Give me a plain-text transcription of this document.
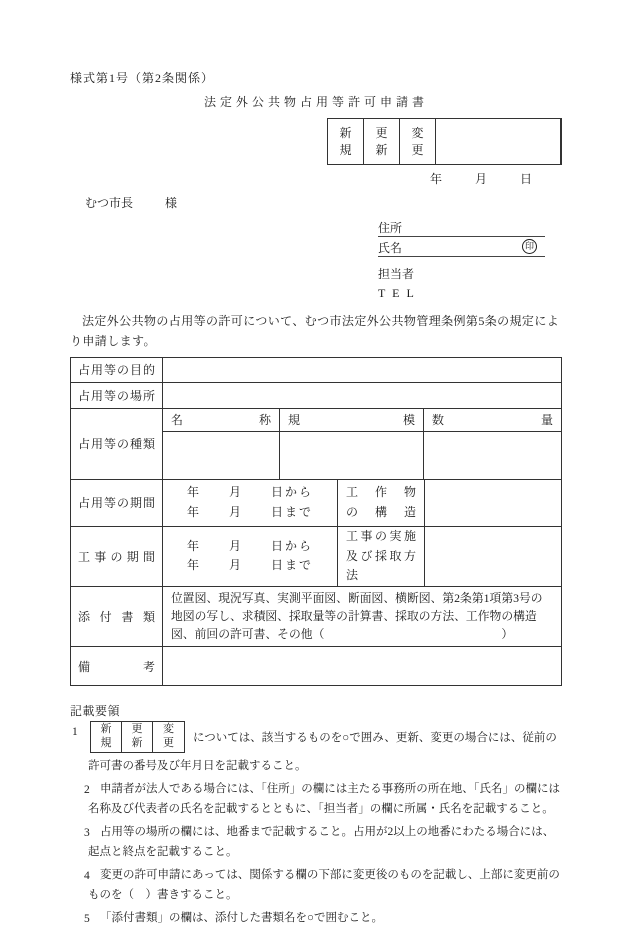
様式第1号（第2条関係）
法定外公共物占用等許可申請書
新規
更新
変更
年　　月　　日
むつ市長	様
住所
氏名	印
担当者
T E L

法定外公共物の占用等の許可について、むつ市法定外公共物管理条例第5条の規定により申請します。

占用等の目的
占用等の場所
占用等の種類
名称 規模 数量
占用等の期間
年　　月　　日から
年　　月　　日まで
工作物
の構造
工事の期間
年　　月　　日から
年　　月　　日まで
工事の実施
及び採取方法
添付書類
位置図、現況写真、実測平面図、断面図、横断図、第2条第1項第3号の地図の写し、求積図、採取量等の計算書、採取の方法、工作物の構造図、前回の許可書、その他（　　　　　　　　　　　　　　　）
備考
記載要領
1 新規
更新
変更 については、該当するものを○で囲み、更新、変更の場合には、従前の許可書の番号及び年月日を記載すること。
2 申請者が法人である場合には、「住所」の欄には主たる事務所の所在地、「氏名」の欄には名称及び代表者の氏名を記載するとともに、「担当者」の欄に所属・氏名を記載すること。
3 占用等の場所の欄には、地番まで記載すること。占用が2以上の地番にわたる場合には、起点と終点を記載すること。
4 変更の許可申請にあっては、関係する欄の下部に変更後のものを記載し、上部に変更前のものを（　）書きすること。
5 「添付書類」の欄は、添付した書類名を○で囲むこと。
